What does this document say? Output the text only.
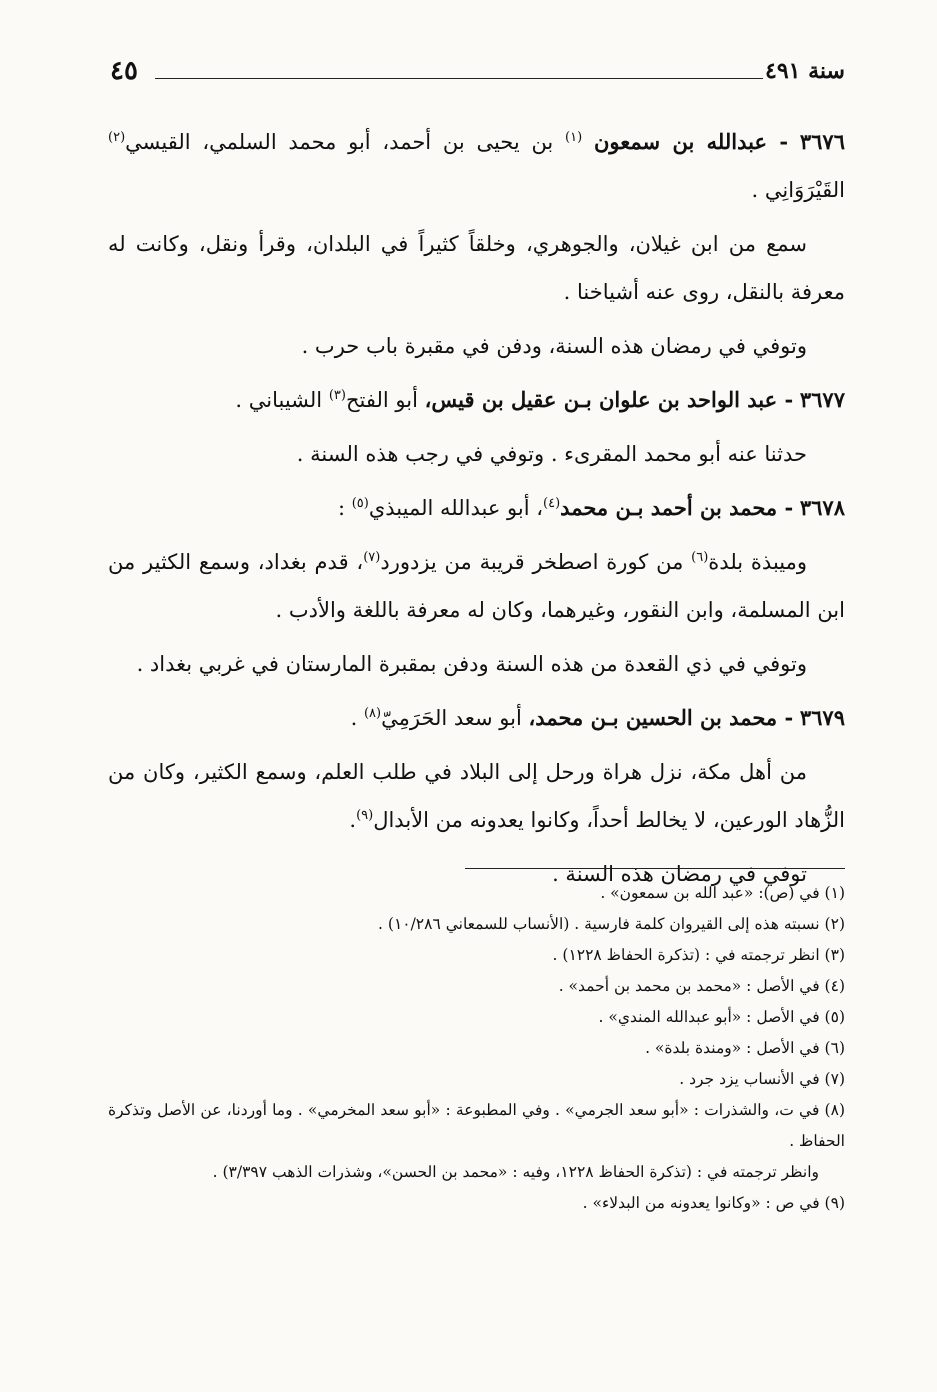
٤٥	سنة ٤٩١

٣٦٧٦ - عبدالله بن سمعون $^{(١)}$ بن يحيى بن أحمد، أبو محمد السلمي، القيسي$^{(٢)}$ القَيْرَوَانِي .

سمع من ابن غيلان، والجوهري، وخلقاً كثيراً في البلدان، وقرأ ونقل، وكانت له معرفة بالنقل، روى عنه أشياخنا .

وتوفي في رمضان هذه السنة، ودفن في مقبرة باب حرب .

٣٦٧٧ - عبد الواحد بن علوان بـن عقيل بن قيس، أبو الفتح$^{(٣)}$ الشيباني .

حدثنا عنه أبو محمد المقرىء . وتوفي في رجب هذه السنة .

٣٦٧٨ - محمد بن أحمد بـن محمد$^{(٤)}$، أبو عبدالله الميبذي$^{(٥)}$ :

وميبذة بلدة$^{(٦)}$ من كورة اصطخر قريبة من يزدورد$^{(٧)}$، قدم بغداد، وسمع الكثير من ابن المسلمة، وابن النقور، وغيرهما، وكان له معرفة باللغة والأدب .

وتوفي في ذي القعدة من هذه السنة ودفن بمقبرة المارستان في غربي بغداد .

٣٦٧٩ - محمد بن الحسين بـن محمد، أبو سعد الحَرَمِيّ$^{(٨)}$ .

من أهل مكة، نزل هراة ورحل إلى البلاد في طلب العلم، وسمع الكثير، وكان من الزُّهاد الورعين، لا يخالط أحداً، وكانوا يعدونه من الأبدال$^{(٩)}$.

توفي في رمضان هذه السنة .

(١) في (ص): «عبد الله بن سمعون» .

(٢) نسبته هذه إلى القيروان كلمة فارسية . (الأنساب للسمعاني ١٠/٢٨٦) .

(٣) انظر ترجمته في : (تذكرة الحفاظ ١٢٢٨) .

(٤) في الأصل : «محمد بن محمد بن أحمد» .

(٥) في الأصل : «أبو عبدالله المندي» .

(٦) في الأصل : «ومندة بلدة» .

(٧) في الأنساب يزد جرد .

(٨) في ت، والشذرات : «أبو سعد الجرمي» . وفي المطبوعة : «أبو سعد المخرمي» . وما أوردنا، عن الأصل وتذكرة الحفاظ .

وانظر ترجمته في : (تذكرة الحفاظ ١٢٢٨، وفيه : «محمد بن الحسن»، وشذرات الذهب ٣/٣٩٧) .

(٩) في ص : «وكانوا يعدونه من البدلاء» .
